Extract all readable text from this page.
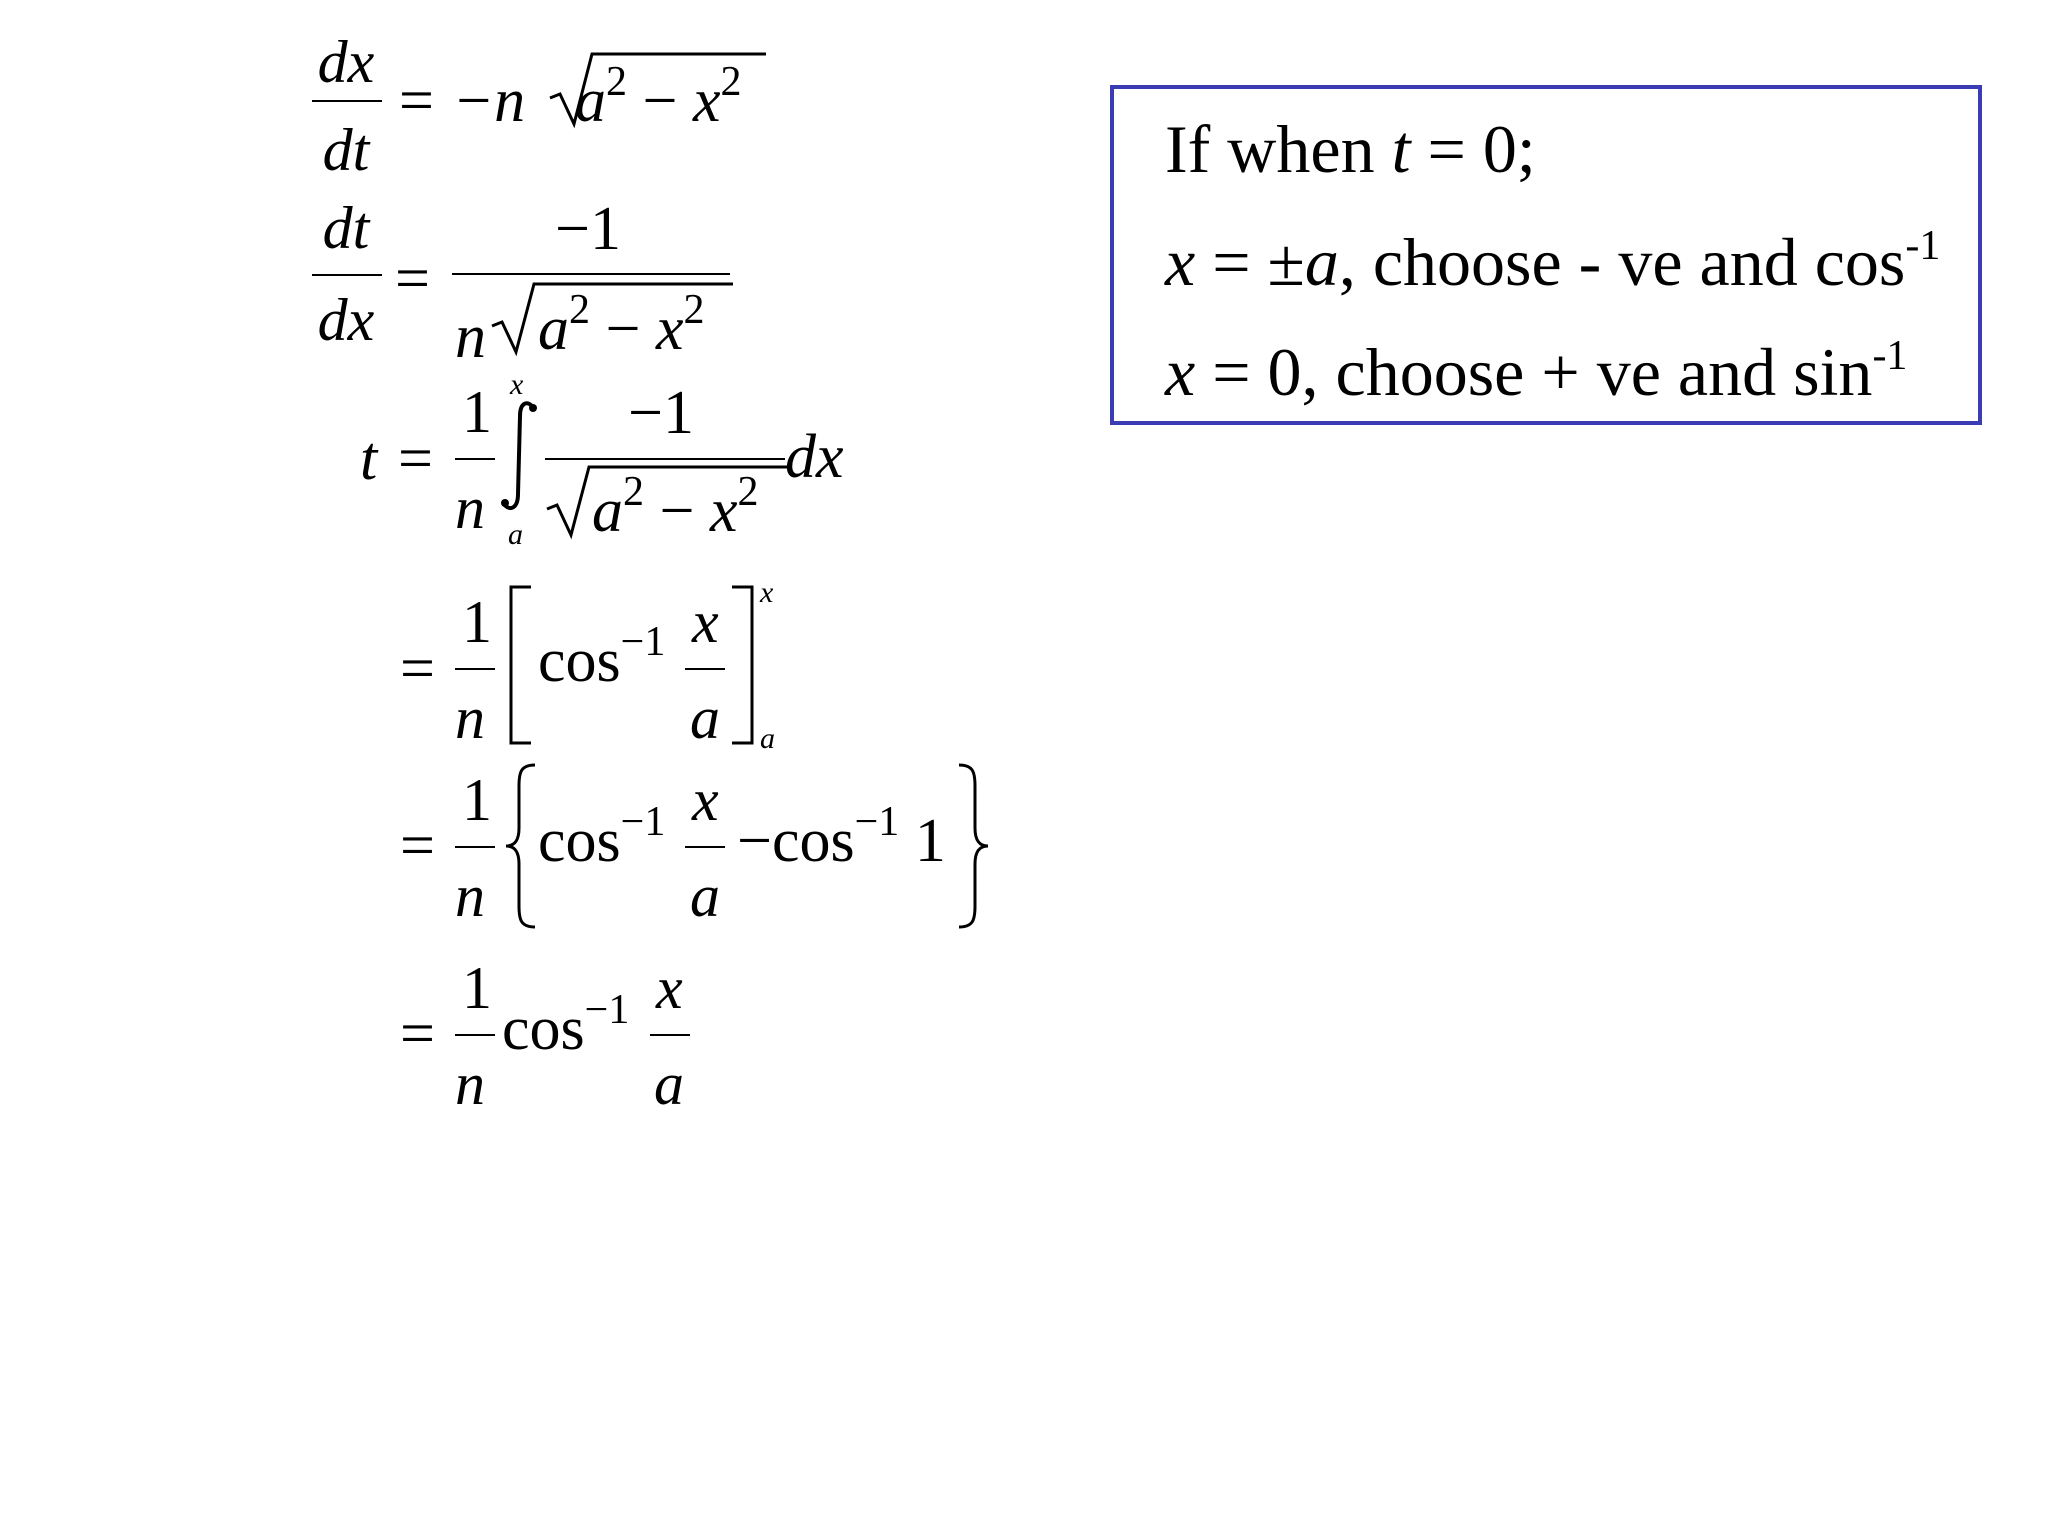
dx
dt
= −n $a^2 - x^2$
dt
dx
=
−1
n $a^2 - x^2$
t =
1
n
x
a
−1
$a^2 - x^2$
dx
=
1
n
$\cos^{-1} x$
a
x
a
=
1
n
$\cos^{-1} x$
a
$-\cos^{-1}$ 1
=
1
n
$\cos^{-1} x$
a
If when t = 0;
x = ±a, choose - ve and $\cos^{-1}$
x = 0, choose + ve and $\sin^{-1}$
